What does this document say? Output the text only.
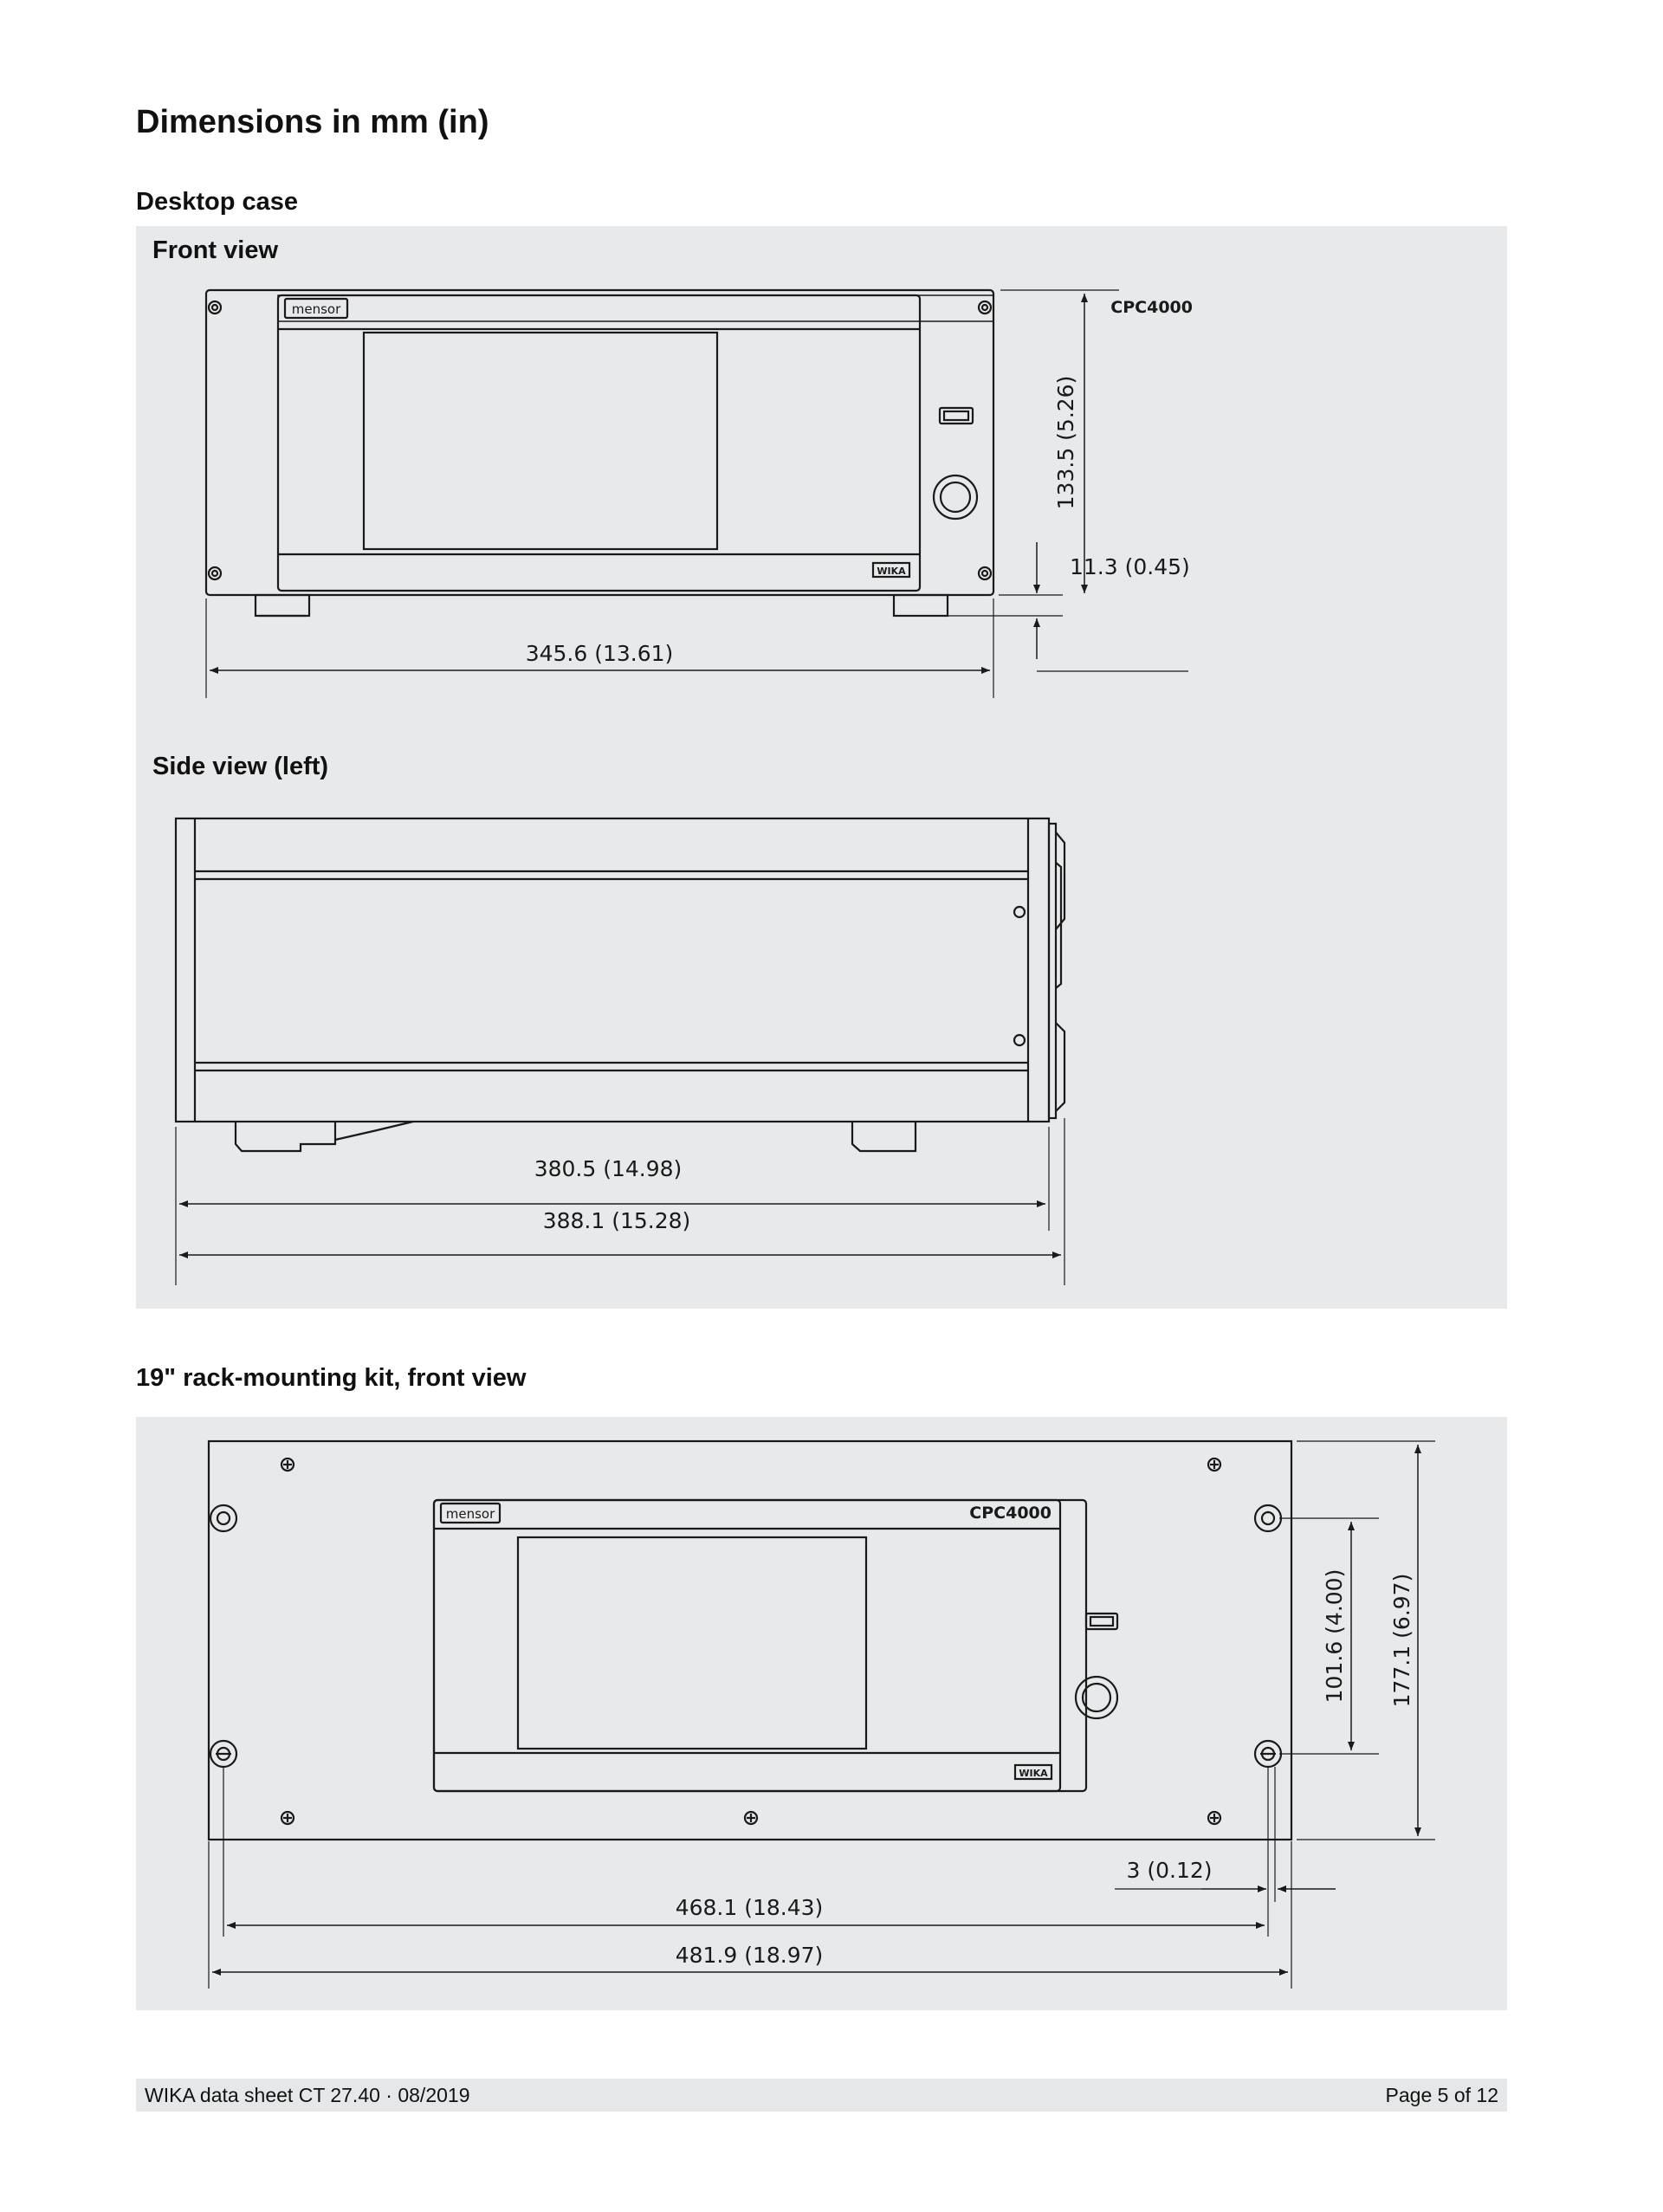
Dimensions in mm (in)
Desktop case
Front view
Side view (left)
CPC4000
mensor
WIKA
345.6 (13.61)
11.3 (0.45)
133.5 (5.26)
380.5 (14.98)
388.1 (15.28)
19" rack-mounting kit, front view
CPC4000
mensor
WIKA
101.6 (4.00) 177.1 (6.97)
3 (0.12)
468.1 (18.43)
481.9 (18.97)
WIKA data sheet CT 27.40 · 08/2019	Page 5 of 12
